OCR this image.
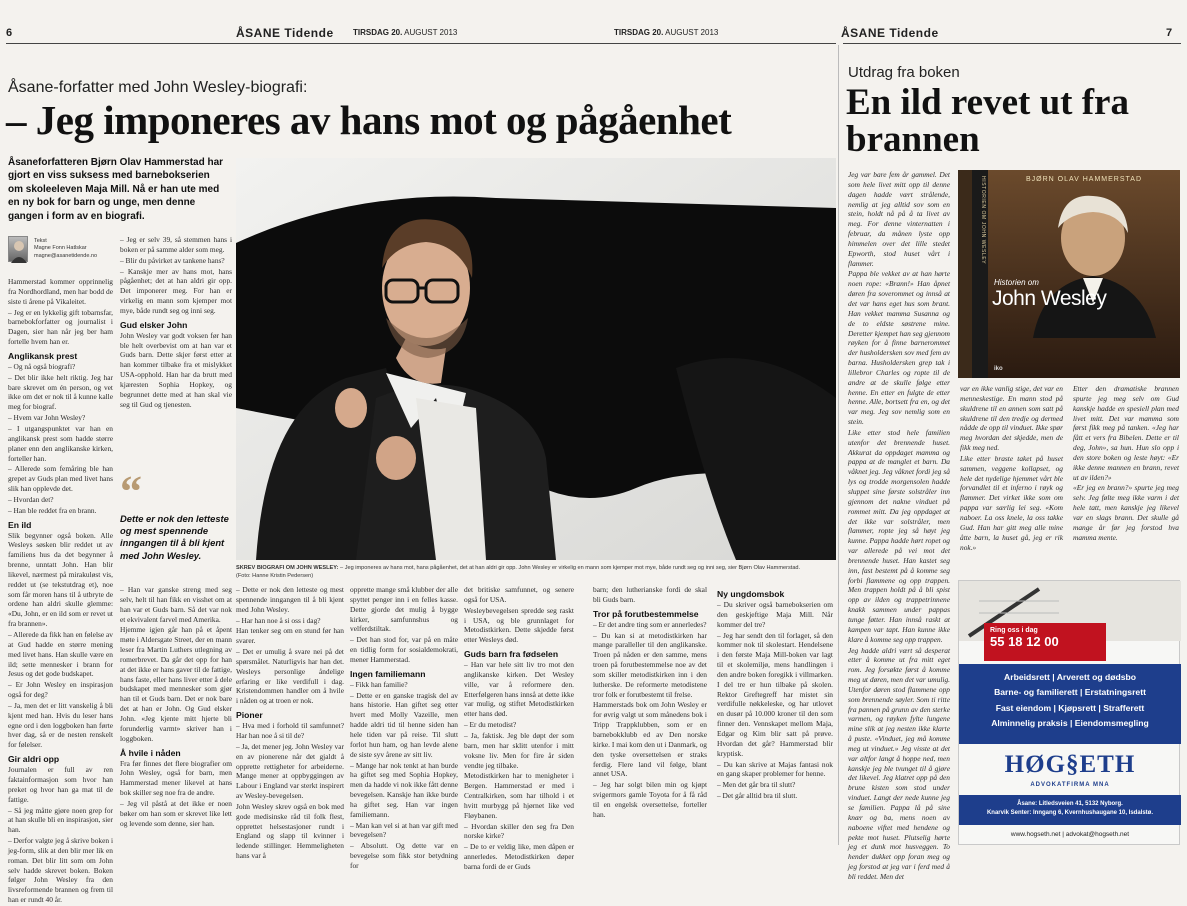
6	ÅSANE Tidende TIRSDAG 20. AUGUST 2013	TIRSDAG 20. AUGUST 2013	ÅSANE Tidende	7
Åsane-forfatter med John Wesley-biografi:
– Jeg imponeres av hans mot og pågåenhet
Åsaneforfatteren Bjørn Olav Hammerstad har gjort en viss suksess med barnebokserien om skoleeleven Maja Mill. Nå er han ute med en ny bok for barn og unge, men denne gangen i form av en biografi.
Tekst
Magne Fonn Hatlskar
magne@asanetidende.no
SKREV BIOGRAFI OM JOHN WESLEY: – Jeg imponeres av hans mot, hans pågåenhet, det at han aldri gir opp. John Wesley er virkelig en mann som kjemper mot mye, både rundt seg og inni seg, sier Bjørn Olav Hammerstad.
(Foto: Hanne Kristin Pedersen)
“
Dette er nok den letteste og mest spennende inngangen til å bli kjent med John Wesley.

Hammerstad kommer opprinnelig fra Nordhordland, men har bodd de siste ti årene på Vikaleitet.

– Jeg er en lykkelig gift tobarnsfar, barnebokforfatter og journalist i Dagen, sier han når jeg ber ham fortelle hvem han er.

Anglikansk prest

– Og nå også biografi?

– Det blir ikke helt riktig. Jeg har bare skrevet om én person, og vet ikke om det er nok til å kunne kalle meg for biograf.

– Hvem var John Wesley?

– I utgangspunktet var han en anglikansk prest som hadde større planer enn den anglikanske kirken, forteller han.

– Allerede som femåring ble han grepet av Guds plan med livet hans slik han opplevde det.

– Hvordan det?

– Han ble reddet fra en brann.

En ild

Slik begynner også boken. Alle Wesleys søsken blir reddet ut av familiens hus da det begynner å brenne, unntatt John. Han blir likevel, nærmest på mirakuløst vis, reddet ut (se tekstutdrag et), noe som får moren hans til å utbryte de ordene han aldri skulle glemme: «Du, John, er en ild som er revet ut fra brannen».

– Allerede da fikk han en følelse av at Gud hadde en større mening med livet hans. Han skulle være en ild; sette mennesker i brann for Jesus og det gode budskapet.

– Er John Wesley en inspirasjon også for deg?

– Ja, men det er litt vanskelig å bli kjent med han. Hvis du leser hans egne ord i den loggboken han førte hver dag, så er de nesten renskelt for følelser.

Gir aldri opp

Journalen er full av ren faktainformasjon som hvor han preket og hvor han ga mat til de fattige.

– Så jeg måtte gjøre noen grep for at han skulle bli en inspirasjon, sier han.

– Derfor valgte jeg å skrive boken i jeg-form, slik at den blir mer lik en roman. Det blir litt som om John selv hadde skrevet boken. Boken følger John Wesley fra den livsreformende brannen og frem til han er rundt 40 år.

– Jeg er selv 39, så stemmen hans i boken er på samme alder som meg.

– Blir du påvirket av tankene hans?

– Kanskje mer av hans mot, hans pågåenhet; det at han aldri gir opp. Det imponerer meg. For han er virkelig en mann som kjemper mot mye, både rundt seg og inni seg.

Gud elsker John

John Wesley var godt voksen før han ble helt overbevist om at han var et Guds barn. Dette skjer først etter at han kommer tilbake fra et mislykket USA-opphold. Han har da brutt med kjæresten Sophia Hopkey, og begrunnet dette med at han skal vie seg til Gud og tjenesten.

– Han var ganske streng med seg selv, helt til han fikk en visshet om at han var et Guds barn. Så det var nok et ekvivalent farvel med Amerika.

Hjemme igjen går han på et åpent møte i Aldersgate Street, der en mann leser fra Martin Luthers utlegning av romerbrevet. Da går det opp for han at det ikke er hans gaver til de fattige, hans faste, eller hans liver etter å dele budskapet med mennesker som gjør han til et Guds barn. Det er nok bare det at han er John. Og Gud elsker John. «Jeg kjente mitt hjerte bli forunderlig varmt» skriver han i loggboken.

Å hvile i nåden

Fra før finnes det flere biografier om John Wesley, også for barn, men Hammerstad mener likevel at hans bok skiller seg noe fra de andre.

– Jeg vil påstå at det ikke er noen bøker om han som er skrevet like lett og levende som denne, sier han.

– Dette er nok den letteste og mest spennende inngangen til å bli kjent med John Wesley.

– Har han noe å si oss i dag?

Han tenker seg om en stund før han svarer.

– Det er umulig å svare nei på det spørsmålet. Naturligvis har han det. Wesleys personlige åndelige erfaring er like verdifull i dag. Kristendommen handler om å hvile i nåden og at troen er nok.

Pioner

– Hva med i forhold til samfunnet? Har han noe å si til de?

– Ja, det mener jeg. John Wesley var en av pionerene når det gjaldt å opprette rettigheter for arbeiderne. Mange mener at oppbyggingen av Labour i England var sterkt inspirert av Wesley-bevegelsen.

John Wesley skrev også en bok med gode medisinske råd til folk flest, opprettet helsestasjoner rundt i England og slapp til kvinner i ledende stillinger. Hemmeligheten hans var å

opprette mange små klubber der alle spyttet penger inn i en felles kasse. Dette gjorde det mulig å bygge kirker, samfunnshus og velferdstiltak.

– Det han stod for, var på en måte en tidlig form for sosialdemokrati, mener Hammerstad.

Ingen familiemann

– Fikk han familie?

– Dette er en ganske tragisk del av hans historie. Han giftet seg etter hvert med Molly Vazeille, men hadde aldri tid til henne siden han hele tiden var på reise. Til slutt forlot hun ham, og han levde alene de siste syv årene av sitt liv.

– Mange har nok tenkt at han burde ha giftet seg med Sophia Hopkey, men da hadde vi nok ikke fått denne bevegelsen. Kanskje han ikke burde ha giftet seg. Han var ingen familiemann.

– Man kan vel si at han var gift med bevegelsen?

– Absolutt. Og dette var en bevegelse som fikk stor betydning for

det britiske samfunnet, og senere også for USA.

Wesleybevegelsen spredde seg raskt i USA, og ble grunnlaget for Metodistkirken. Dette skjedde først etter Wesleys død.

Guds barn fra fødselen

– Han var hele sitt liv tro mot den anglikanske kirken. Det Wesley ville, var å reformere den. Etterfølgeren hans innså at dette ikke var mulig, og stiftet Metodistkirken etter hans død.

– Er du metodist?

– Ja, faktisk. Jeg ble døpt der som barn, men har sklitt utenfor i mitt voksne liv. Men for fire år siden vendte jeg tilbake.

Metodistkirken har to menigheter i Bergen. Hammerstad er med i Centralkirken, som har tilhold i et hvitt murbygg på hjørnet like ved Fløybanen.

– Hvordan skiller den seg fra Den norske kirke?

– De to er veldig like, men dåpen er annerledes. Metodistkirken døper barna fordi de er Guds

barn; den lutherianske fordi de skal bli Guds barn.

Tror på forutbestemmelse

– Er det andre ting som er annerledes?

– Du kan si at metodistkirken har mange paralleller til den anglikanske. Troen på nåden er den samme, mens troen på forutbestemmelse noe av det som skiller metodistkirken inn i den lutherske. De reformerte metodistene tror folk er forutbestemt til frelse.

Hammerstads bok om John Wesley er for øvrig valgt ut som månedens bok i Tripp Trappklubben, som er en barnebokklubb ed av Den norske kirke. I mai kom den ut i Danmark, og den tyske oversettelsen er straks ferdig. Flere land vil følge, blant annet USA.

– Jeg har solgt bilen min og kjøpt svigermors gamle Toyota for å få råd til en engelsk oversettelse, forteller han.

Ny ungdomsbok

– Du skriver også barnebokserien om den geskjeftige Maja Mill. Når kommer del tre?

– Jeg har sendt den til forlaget, så den kommer nok til skolestart. Hendelsene i den første Maja Mill-boken var lagt til et skolemiljø, mens handlingen i den andre boken foregikk i villmarken. I del tre er hun tilbake på skolen. Rektor Greftegreff har mistet sin verdifulle nøkkeleske, og har utlovet en dusør på 10.000 kroner til den som finner den. Vennskapet mellom Maja, Edgar og Kim blir satt på prøve. Hvordan det går? Hammerstad blir kryptisk.

– Du kan skrive at Majas fantasi nok en gang skaper problemer for henne.

– Men det går bra til slutt?

– Det går alltid bra til slutt.

Utdrag fra boken
En ild revet ut fra brannen

Jeg var bare fem år gammel. Det som hele livet mitt opp til denne dagen hadde vært strålende, nemlig at jeg alltid sov som en stein, holdt nå på å ta livet av meg. For denne vinternatten i februar, da månen lyste opp himmelen over det lille stedet Epworth, stod huset vårt i flammer.

Pappa ble vekket av at han hørte noen rope: «Brann!» Han åpnet døren fra soverommet og innså at det var hans eget hus som brant. Han vekket mamma Susanna og de to eldste søstrene mine. Deretter kjempet han seg gjennom røyken for å finne barnerommet der husholdersken sov med fem av barna. Husholdersken grep tak i lillebror Charles og ropte til de andre at de skulle følge etter henne. En etter en fulgte de etter henne. Alle, bortsett fra en, og det var meg. Jeg sov nemlig som en stein.

Like etter stod hele familien utenfor det brennende huset. Akkurat da oppdaget mamma og pappa at de manglet et barn. Da våknet jeg. Jeg våknet fordi jeg så lys og trodde morgensolen hadde sluppet sine første solstråler inn gjennom det nakne vinduet på rommet mitt. Da jeg oppdaget at det ikke var solstråler, men flammer, ropte jeg så høyt jeg kunne. Pappa hadde hørt ropet og var allerede på vei mot det brennende huset. Han kastet seg inn, fast bestemt på å komme seg forbi flammene og opp trappen. Men trappen holdt på å bli spist opp av ilden og trappetrinnene knakk sammen under pappas tunge føtter. Han innså raskt at kampen var tapt. Han kunne ikke klare å komme seg opp trappen.

Jeg hadde aldri vært så desperat etter å komme ut fra mitt eget rom. Jeg forsøkte først å komme meg ut døren, men det var umulig. Utenfor døren stod flammene opp som brennende søyler. Som ti ritte fra pannen på grunn av den sterke varmen, og røyken fylte lungene mine slik at jeg nesten ikke klarte å puste. «Vinduet, jeg må komme meg ut vinduet.» Jeg visste at det var altfor langt å hoppe ned, men kanskje jeg ble tvunget til å gjøre det likevel. Jeg klatret opp på den brune kisten som stod under vinduet. Langt der nede kunne jeg se familien. Pappa lå på sine knær og ba, mens noen av naboene viftet med hendene og pekte mot huset. Plutselig hørte jeg et dunk mot husveggen. To hender dukket opp foran meg og jeg forstod at jeg var i ferd med å bli reddet. Men det

var en ikke vanlig stige, det var en menneskestige. En mann stod på skuldrene til en annen som satt på skuldrene til den tredje og dermed nådde de opp til vinduet. Ikke spør meg hvordan det skjedde, men de fikk meg ned.

Like etter braste taket på huset sammen, veggene kollapset, og hele det nydelige hjemmet vårt ble forvandlet til et inferno i røyk og flammer. Det virket ikke som om pappa var særlig lei seg. «Kom naboer. La oss knele, la oss takke Gud. Han har gitt meg alle mine åtte barn, la huset gå, jeg er rik nok.»

Etter den dramatiske brannen spurte jeg meg selv om Gud kanskje hadde en spesiell plan med livet mitt. Det var mamma som først fikk meg på tanken. «Jeg har fått et vers fra Bibelen. Dette er til deg, John», sa hun. Hun slo opp i den store boken og leste høyt: «Er ikke denne mannen en brann, revet ut av ilden?»

«Er jeg en brann?» spurte jeg meg selv. Jeg følte meg ikke varm i det hele tatt, men kanskje jeg likevel var en slags brann. Det skulle gå mange år før jeg forstod hva mamma mente.

HISTORIEN OM JOHN WESLEY	BJØRN OLAV HAMMERSTAD
Historien om
John Wesley
iko
Ring oss i dag
55 18 12 00
Arbeidsrett | Arverett og dødsbo
Barne- og familierett | Erstatningsrett
Fast eiendom | Kjøpsrett | Strafferett
Alminnelig praksis | Eiendomsmegling
HØG§ETH
ADVOKATFIRMA MNA
Åsane: Litledsveien 41, 5132 Nyborg.
Knarvik Senter: Inngang 6, Kvernhushaugane 10, Isdalstø.
www.hogseth.net | advokat@hogseth.net
